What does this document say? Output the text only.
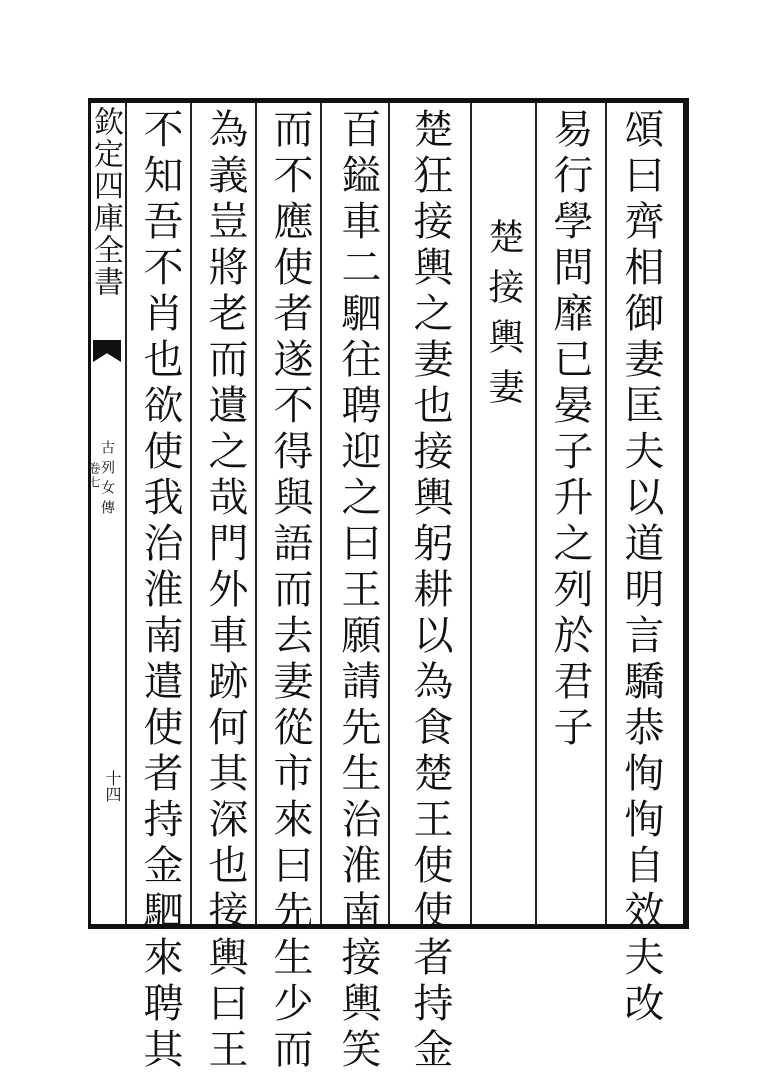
頌曰齊相御妻匡夫以道明言驕恭恂恂自效夫改
易行學問靡已晏子升之列於君子
楚接輿妻
楚狂接輿之妻也接輿躬耕以為食楚王使使者持金
百鎰車二駟往聘迎之曰王願請先生治淮南接輿笑
而不應使者遂不得與語而去妻從市來曰先生少而
為義豈將老而遺之哉門外車跡何其深也接輿曰王
不知吾不肖也欲使我治淮南遣使者持金駟來聘其
欽定四庫全書
古列女傳
卷七
十四
